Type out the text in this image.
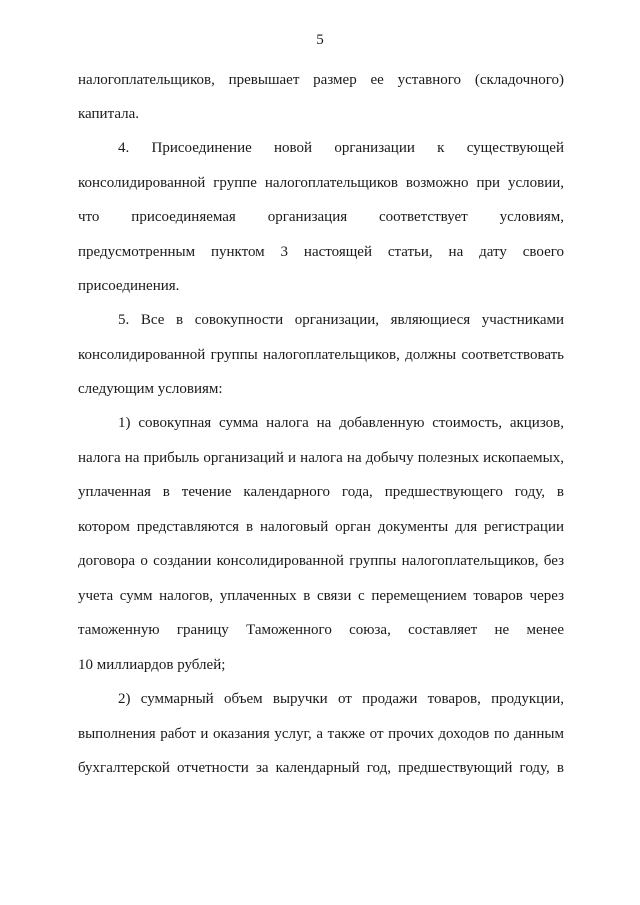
5
налогоплательщиков, превышает размер ее уставного (складочного)
капитала.
4. Присоединение новой организации к существующей
консолидированной группе налогоплательщиков возможно при условии,
что присоединяемая организация соответствует условиям,
предусмотренным пунктом 3 настоящей статьи, на дату своего
присоединения.
5. Все в совокупности организации, являющиеся участниками
консолидированной группы налогоплательщиков, должны соответствовать
следующим условиям:
1) совокупная сумма налога на добавленную стоимость, акцизов,
налога на прибыль организаций и налога на добычу полезных ископаемых,
уплаченная в течение календарного года, предшествующего году, в
котором представляются в налоговый орган документы для регистрации
договора о создании консолидированной группы налогоплательщиков, без
учета сумм налогов, уплаченных в связи с перемещением товаров через
таможенную границу Таможенного союза, составляет не менее
10 миллиардов рублей;
2) суммарный объем выручки от продажи товаров, продукции,
выполнения работ и оказания услуг, а также от прочих доходов по данным
бухгалтерской отчетности за календарный год, предшествующий году, в
